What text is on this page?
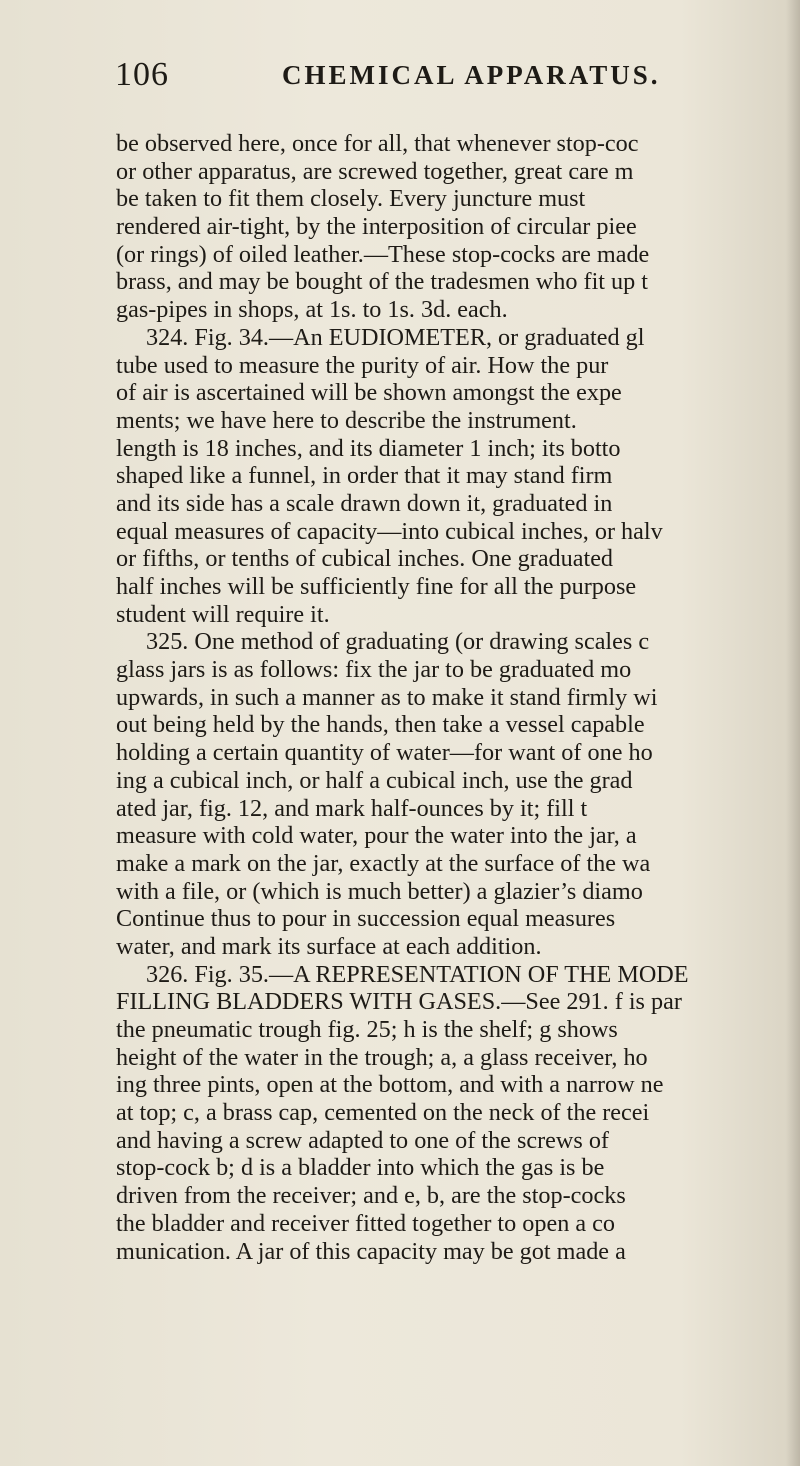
106	CHEMICAL APPARATUS.
be observed here, once for all, that whenever stop-coc
or other apparatus, are screwed together, great care m
be taken to fit them closely. Every juncture must
rendered air-tight, by the interposition of circular piee
(or rings) of oiled leather.—These stop-cocks are made
brass, and may be bought of the tradesmen who fit up t
gas-pipes in shops, at 1s. to 1s. 3d. each.
324. Fig. 34.—An EUDIOMETER, or graduated gl
tube used to measure the purity of air. How the pur
of air is ascertained will be shown amongst the expe
ments; we have here to describe the instrument.
length is 18 inches, and its diameter 1 inch; its botto
shaped like a funnel, in order that it may stand firm
and its side has a scale drawn down it, graduated in
equal measures of capacity—into cubical inches, or halv
or fifths, or tenths of cubical inches. One graduated
half inches will be sufficiently fine for all the purpose
student will require it.
325. One method of graduating (or drawing scales c
glass jars is as follows: fix the jar to be graduated mo
upwards, in such a manner as to make it stand firmly wi
out being held by the hands, then take a vessel capable
holding a certain quantity of water—for want of one ho
ing a cubical inch, or half a cubical inch, use the grad
ated jar, fig. 12, and mark half-ounces by it; fill t
measure with cold water, pour the water into the jar, a
make a mark on the jar, exactly at the surface of the wa
with a file, or (which is much better) a glazier’s diamo
Continue thus to pour in succession equal measures
water, and mark its surface at each addition.
326. Fig. 35.—A REPRESENTATION OF THE MODE
FILLING BLADDERS WITH GASES.—See 291. f is par
the pneumatic trough fig. 25; h is the shelf; g shows
height of the water in the trough; a, a glass receiver, ho
ing three pints, open at the bottom, and with a narrow ne
at top; c, a brass cap, cemented on the neck of the recei
and having a screw adapted to one of the screws of
stop-cock b; d is a bladder into which the gas is be
driven from the receiver; and e, b, are the stop-cocks
the bladder and receiver fitted together to open a co
munication. A jar of this capacity may be got made a
